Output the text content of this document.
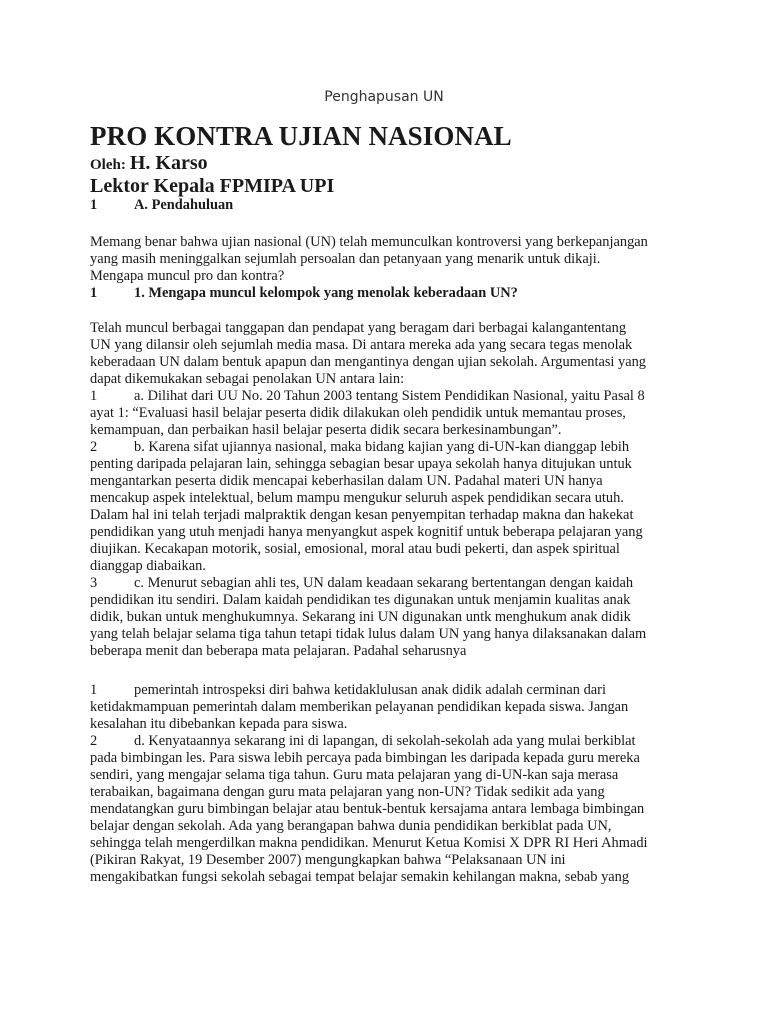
Penghapusan UN
PRO KONTRA UJIAN NASIONAL
Oleh: H. Karso
Lektor Kepala FPMIPA UPI
1	A. Pendahuluan
Memang benar bahwa ujian nasional (UN) telah memunculkan kontroversi yang berkepanjangan
yang masih meninggalkan sejumlah persoalan dan petanyaan yang menarik untuk dikaji.
Mengapa muncul pro dan kontra?
1	1. Mengapa muncul kelompok yang menolak keberadaan UN?
Telah muncul berbagai tanggapan dan pendapat yang beragam dari berbagai kalangantentang
UN yang dilansir oleh sejumlah media masa. Di antara mereka ada yang secara tegas menolak
keberadaan UN dalam bentuk apapun dan mengantinya dengan ujian sekolah. Argumentasi yang
dapat dikemukakan sebagai penolakan UN antara lain:
1	a. Dilihat dari UU No. 20 Tahun 2003 tentang Sistem Pendidikan Nasional, yaitu Pasal 8
ayat 1: “Evaluasi hasil belajar peserta didik dilakukan oleh pendidik untuk memantau proses,
kemampuan, dan perbaikan hasil belajar peserta didik secara berkesinambungan”.
2	b. Karena sifat ujiannya nasional, maka bidang kajian yang di-UN-kan dianggap lebih
penting daripada pelajaran lain, sehingga sebagian besar upaya sekolah hanya ditujukan untuk
mengantarkan peserta didik mencapai keberhasilan dalam UN. Padahal materi UN hanya
mencakup aspek intelektual, belum mampu mengukur seluruh aspek pendidikan secara utuh.
Dalam hal ini telah terjadi malpraktik dengan kesan penyempitan terhadap makna dan hakekat
pendidikan yang utuh menjadi hanya menyangkut aspek kognitif untuk beberapa pelajaran yang
diujikan. Kecakapan motorik, sosial, emosional, moral atau budi pekerti, dan aspek spiritual
dianggap diabaikan.
3	c. Menurut sebagian ahli tes, UN dalam keadaan sekarang bertentangan dengan kaidah
pendidikan itu sendiri. Dalam kaidah pendidikan tes digunakan untuk menjamin kualitas anak
didik, bukan untuk menghukumnya. Sekarang ini UN digunakan untk menghukum anak didik
yang telah belajar selama tiga tahun tetapi tidak lulus dalam UN yang hanya dilaksanakan dalam
beberapa menit dan beberapa mata pelajaran. Padahal seharusnya
1	pemerintah introspeksi diri bahwa ketidaklulusan anak didik adalah cerminan dari
ketidakmampuan pemerintah dalam memberikan pelayanan pendidikan kepada siswa. Jangan
kesalahan itu dibebankan kepada para siswa.
2	d. Kenyataannya sekarang ini di lapangan, di sekolah-sekolah ada yang mulai berkiblat
pada bimbingan les. Para siswa lebih percaya pada bimbingan les daripada kepada guru mereka
sendiri, yang mengajar selama tiga tahun. Guru mata pelajaran yang di-UN-kan saja merasa
terabaikan, bagaimana dengan guru mata pelajaran yang non-UN? Tidak sedikit ada yang
mendatangkan guru bimbingan belajar atau bentuk-bentuk kersajama antara lembaga bimbingan
belajar dengan sekolah. Ada yang berangapan bahwa dunia pendidikan berkiblat pada UN,
sehingga telah mengerdilkan makna pendidikan. Menurut Ketua Komisi X DPR RI Heri Ahmadi
(Pikiran Rakyat, 19 Desember 2007) mengungkapkan bahwa “Pelaksanaan UN ini
mengakibatkan fungsi sekolah sebagai tempat belajar semakin kehilangan makna, sebab yang
